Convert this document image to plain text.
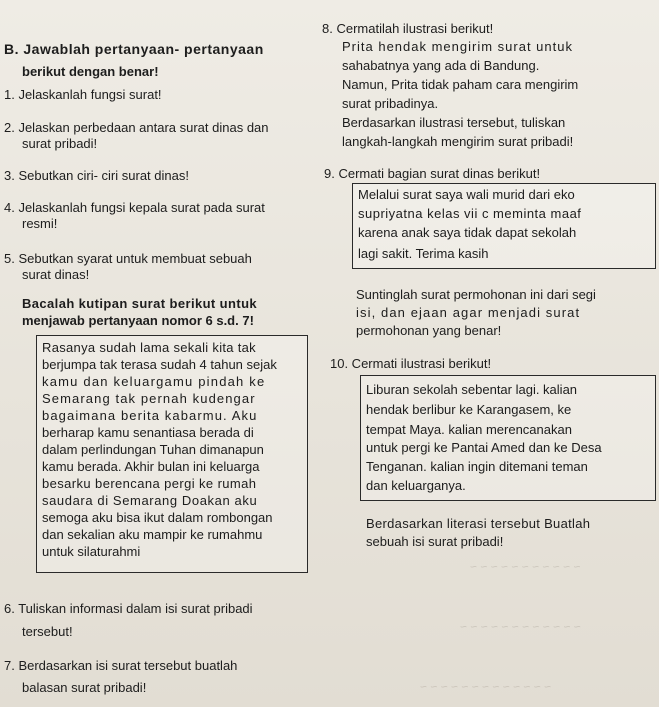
~ ~ ~ ~ ~ ~ ~ ~ ~ ~ ~
~ ~ ~ ~ ~ ~ ~ ~ ~ ~ ~ ~
~ ~ ~ ~ ~ ~ ~ ~ ~ ~ ~ ~ ~
B. Jawablah pertanyaan- pertanyaan
berikut dengan benar!
1. Jelaskanlah fungsi surat!
2. Jelaskan perbedaan antara surat dinas dan
surat pribadi!
3. Sebutkan ciri- ciri surat dinas!
4. Jelaskanlah fungsi kepala surat pada surat
resmi!
5. Sebutkan syarat untuk membuat sebuah
surat dinas!
Bacalah kutipan surat berikut untuk
menjawab pertanyaan nomor 6 s.d. 7!
Rasanya sudah lama sekali kita tak
berjumpa tak terasa sudah 4 tahun sejak
kamu dan keluargamu pindah ke
Semarang tak pernah kudengar
bagaimana berita kabarmu. Aku
berharap kamu senantiasa berada di
dalam perlindungan Tuhan dimanapun
kamu berada. Akhir bulan ini keluarga
besarku berencana pergi ke rumah
saudara di Semarang Doakan aku
semoga aku bisa ikut dalam rombongan
dan sekalian aku mampir ke rumahmu
untuk silaturahmi
6. Tuliskan informasi dalam isi surat pribadi
tersebut!
7. Berdasarkan isi surat tersebut buatlah
balasan surat pribadi!
8. Cermatilah ilustrasi berikut!
Prita hendak mengirim surat untuk
sahabatnya yang ada di Bandung.
Namun, Prita tidak paham cara mengirim
surat pribadinya.
Berdasarkan ilustrasi tersebut, tuliskan
langkah-langkah mengirim surat pribadi!
9. Cermati bagian surat dinas berikut!
Melalui surat saya wali murid dari eko
supriyatna kelas vii c meminta maaf
karena anak saya tidak dapat sekolah
lagi sakit. Terima kasih
Suntinglah surat permohonan ini dari segi
isi, dan ejaan agar menjadi surat
permohonan yang benar!
10. Cermati ilustrasi berikut!
Liburan sekolah sebentar lagi. kalian
hendak berlibur ke Karangasem, ke
tempat Maya. kalian merencanakan
untuk pergi ke Pantai Amed dan ke Desa
Tenganan. kalian ingin ditemani teman
dan keluarganya.
Berdasarkan literasi tersebut Buatlah
sebuah isi surat pribadi!
